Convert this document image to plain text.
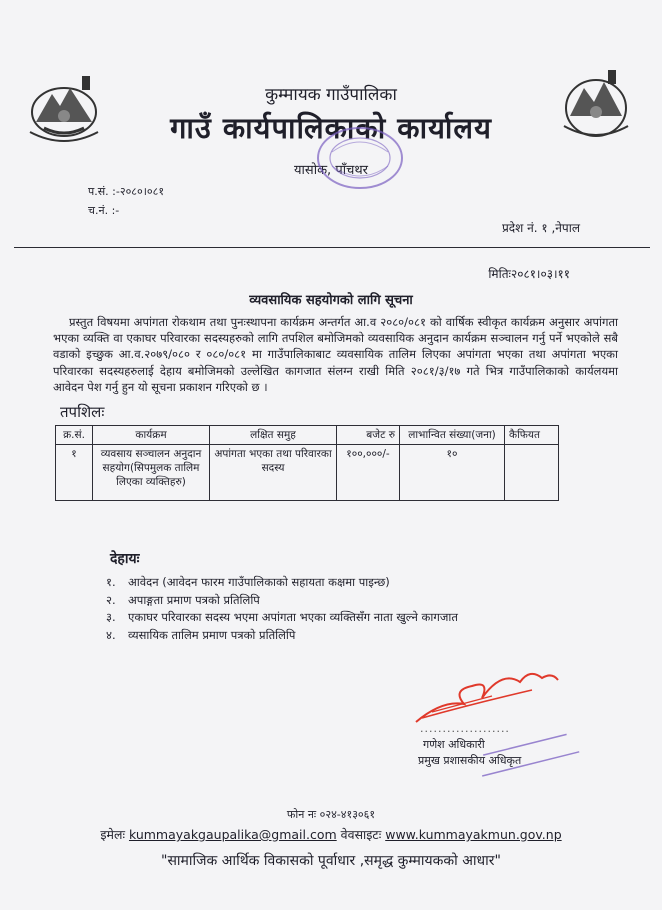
कुम्मायक गाउँपालिका
गाउँ कार्यपालिकाको कार्यालय
यासोक, पाँचथर
प.सं. :-२०८०।०८१
च.नं. :-
प्रदेश नं. १ ,नेपाल
मितिः२०८१।०३।११
व्यवसायिक सहयोगको लागि सूचना
प्रस्तुत विषयमा अपांगता रोकथाम तथा पुनःस्थापना कार्यक्रम अन्तर्गत आ.व २०८०/०८१ को वार्षिक स्वीकृत कार्यक्रम अनुसार अपांगता भएका व्यक्ति वा एकाघर परिवारका सदस्यहरुको लागि तपशिल बमोजिमको व्यवसायिक अनुदान कार्यक्रम सञ्चालन गर्नु पर्ने भएकोले सबै वडाको इच्छुक आ.व.२०७९/०८० र ०८०/०८१ मा गाउँपालिकाबाट व्यवसायिक तालिम लिएका अपांगता भएका तथा अपांगता भएका परिवारका सदस्यहरुलाई देहाय बमोजिमको उल्लेखित कागजात संलग्न राखी मिति २०८१/३/१७ गते भित्र गाउँपालिकाको कार्यलयमा आवेदन पेश गर्नु हुन यो सूचना प्रकाशन गरिएको छ ।
तपशिलः
क्र.सं.	कार्यक्रम	लक्षित समुह	बजेट रु	लाभान्वित संख्या(जना)	कैफियत
१	व्यवसाय सञ्चालन अनुदान सहयोग(सिपमुलक तालिम लिएका व्यक्तिहरु)	अपांगता भएका तथा परिवारका सदस्य	१००,०००/-	१०	
देहायः
१. आवेदन (आवेदन फारम गाउँपालिकाको सहायता कक्षमा पाइन्छ)
२. अपाङ्गता प्रमाण पत्रको प्रतिलिपि
३. एकाघर परिवारका सदस्य भएमा अपांगता भएका व्यक्तिसँग नाता खुल्ने कागजात
४. व्यसायिक तालिम प्रमाण पत्रको प्रतिलिपि
....................
गणेश अधिकारी
प्रमुख प्रशासकीय अधिकृत
फोन नः ०२४-४१३०६१
इमेलः kummayakgaupalika@gmail.com वेवसाइटः www.kummayakmun.gov.np
"सामाजिक आर्थिक विकासको पूर्वाधार ,समृद्ध कुम्मायकको आधार"
